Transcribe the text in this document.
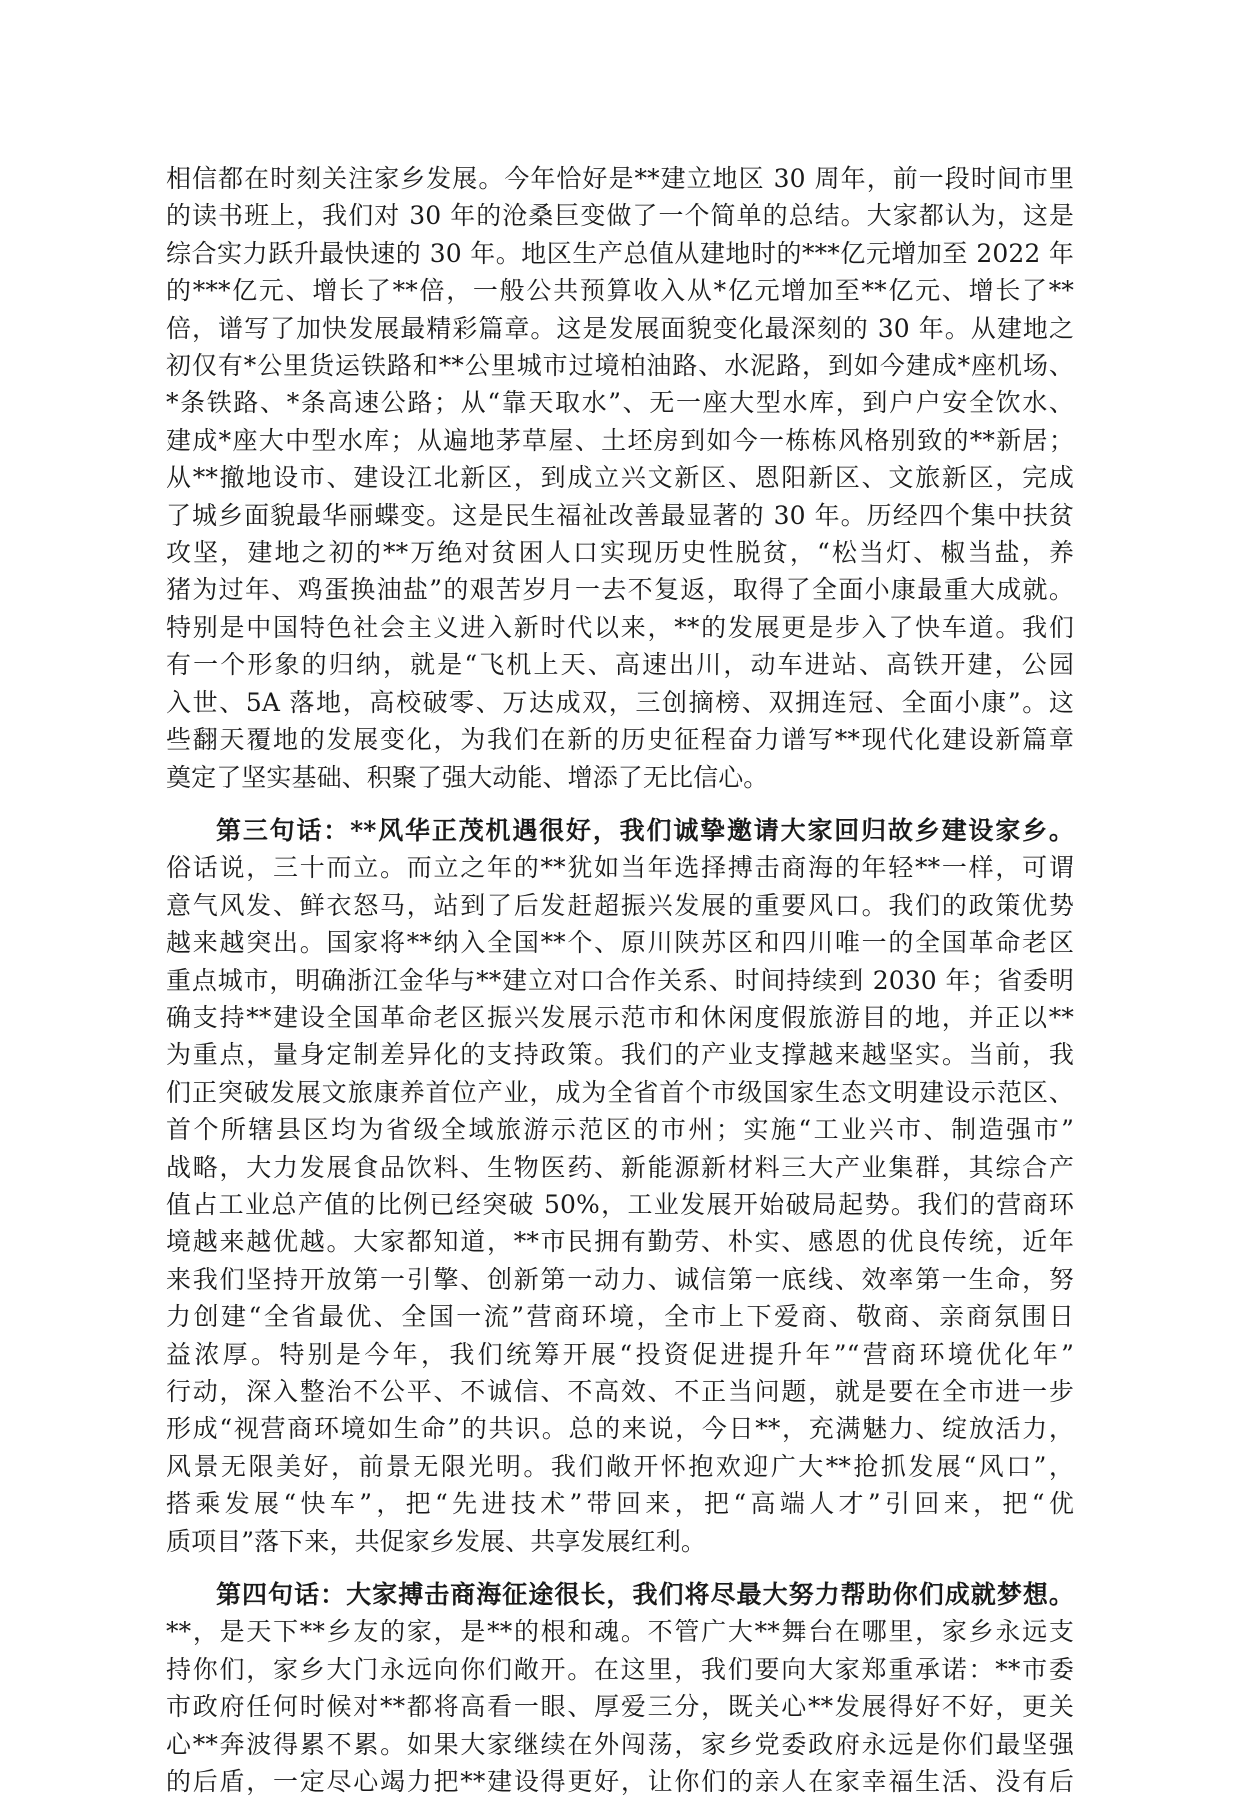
相信都在时刻关注家乡发展。今年恰好是**建立地区 30 周年，前一段时间市里
的读书班上，我们对 30 年的沧桑巨变做了一个简单的总结。大家都认为，这是
综合实力跃升最快速的 30 年。地区生产总值从建地时的***亿元增加至 2022 年
的***亿元、增长了**倍，一般公共预算收入从*亿元增加至**亿元、增长了**
倍，谱写了加快发展最精彩篇章。这是发展面貌变化最深刻的 30 年。从建地之
初仅有*公里货运铁路和**公里城市过境柏油路、水泥路，到如今建成*座机场、
*条铁路、*条高速公路；从“靠天取水”、无一座大型水库，到户户安全饮水、
建成*座大中型水库；从遍地茅草屋、土坯房到如今一栋栋风格别致的**新居；
从**撤地设市、建设江北新区，到成立兴文新区、恩阳新区、文旅新区，完成
了城乡面貌最华丽蝶变。这是民生福祉改善最显著的 30 年。历经四个集中扶贫
攻坚，建地之初的**万绝对贫困人口实现历史性脱贫，“松当灯、椒当盐，养
猪为过年、鸡蛋换油盐”的艰苦岁月一去不复返，取得了全面小康最重大成就。
特别是中国特色社会主义进入新时代以来，**的发展更是步入了快车道。我们
有一个形象的归纳，就是“飞机上天、高速出川，动车进站、高铁开建，公园
入世、5A 落地，高校破零、万达成双，三创摘榜、双拥连冠、全面小康”。这
些翻天覆地的发展变化，为我们在新的历史征程奋力谱写**现代化建设新篇章
奠定了坚实基础、积聚了强大动能、增添了无比信心。
第三句话：**风华正茂机遇很好，我们诚挚邀请大家回归故乡建设家乡。
俗话说，三十而立。而立之年的**犹如当年选择搏击商海的年轻**一样，可谓
意气风发、鲜衣怒马，站到了后发赶超振兴发展的重要风口。我们的政策优势
越来越突出。国家将**纳入全国**个、原川陕苏区和四川唯一的全国革命老区
重点城市，明确浙江金华与**建立对口合作关系、时间持续到 2030 年；省委明
确支持**建设全国革命老区振兴发展示范市和休闲度假旅游目的地，并正以**
为重点，量身定制差异化的支持政策。我们的产业支撑越来越坚实。当前，我
们正突破发展文旅康养首位产业，成为全省首个市级国家生态文明建设示范区、
首个所辖县区均为省级全域旅游示范区的市州；实施“工业兴市、制造强市”
战略，大力发展食品饮料、生物医药、新能源新材料三大产业集群，其综合产
值占工业总产值的比例已经突破 50%，工业发展开始破局起势。我们的营商环
境越来越优越。大家都知道，**市民拥有勤劳、朴实、感恩的优良传统，近年
来我们坚持开放第一引擎、创新第一动力、诚信第一底线、效率第一生命，努
力创建“全省最优、全国一流”营商环境，全市上下爱商、敬商、亲商氛围日
益浓厚。特别是今年，我们统筹开展“投资促进提升年”“营商环境优化年”
行动，深入整治不公平、不诚信、不高效、不正当问题，就是要在全市进一步
形成“视营商环境如生命”的共识。总的来说，今日**，充满魅力、绽放活力，
风景无限美好，前景无限光明。我们敞开怀抱欢迎广大**抢抓发展“风口”，
搭乘发展“快车”，把“先进技术”带回来，把“高端人才”引回来，把“优
质项目”落下来，共促家乡发展、共享发展红利。
第四句话：大家搏击商海征途很长，我们将尽最大努力帮助你们成就梦想。
**，是天下**乡友的家，是**的根和魂。不管广大**舞台在哪里，家乡永远支
持你们，家乡大门永远向你们敞开。在这里，我们要向大家郑重承诺：**市委
市政府任何时候对**都将高看一眼、厚爱三分，既关心**发展得好不好，更关
心**奔波得累不累。如果大家继续在外闯荡，家乡党委政府永远是你们最坚强
的后盾，一定尽心竭力把**建设得更好，让你们的亲人在家幸福生活、没有后
